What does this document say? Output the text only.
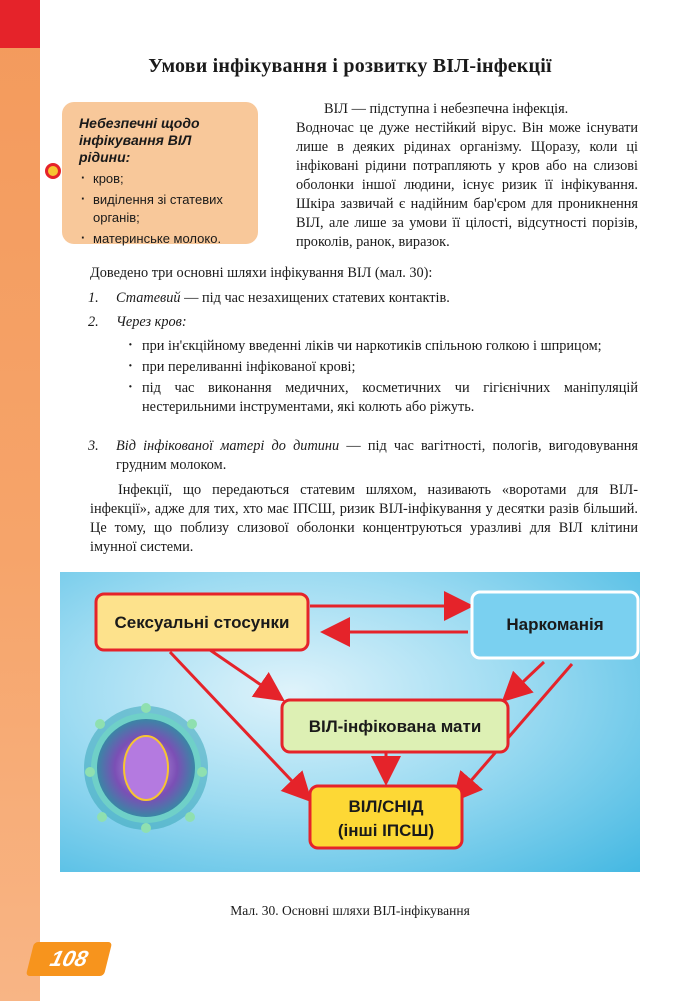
Умови інфікування і розвитку ВІЛ-інфекції
Небезпечні щодо інфікування ВІЛ рідини:
· кров;
· виділення зі статевих органів;
· материнське молоко.
ВІЛ — підступна і небезпечна інфекція.
Водночас це дуже нестійкий вірус. Він може існувати лише в деяких рідинах організму. Щоразу, коли ці інфіковані рідини потрапляють у кров або на слизові оболонки іншої людини, існує ризик її інфікування. Шкіра зазвичай є надійним бар'єром для проникнення ВІЛ, але лише за умови її цілості, відсутності порізів, проколів, ранок, виразок.
Доведено три основні шляхи інфікування ВІЛ (мал. 30):
1. Статевий — під час незахищених статевих контактів.
2. Через кров:
· при ін'єкційному введенні ліків чи наркотиків спільною голкою і шприцом;
· при переливанні інфікованої крові;
· під час виконання медичних, косметичних чи гігієнічних маніпуляцій нестерильними інструментами, які колють або ріжуть.
3. Від інфікованої матері до дитини — під час вагітності, пологів, вигодовування грудним молоком.
Інфекції, що передаються статевим шляхом, називають «воротами для ВІЛ-інфекції», адже для тих, хто має ІПСШ, ризик ВІЛ-інфікування у десятки разів більший. Це тому, що поблизу слизової оболонки концентруються уразливі для ВІЛ клітини імунної системи.
Сексуальні стосунки	Наркоманія
ВІЛ-інфікована мати
ВІЛ/СНІД
(інші ІПСШ)
Мал. 30. Основні шляхи ВІЛ-інфікування
108
